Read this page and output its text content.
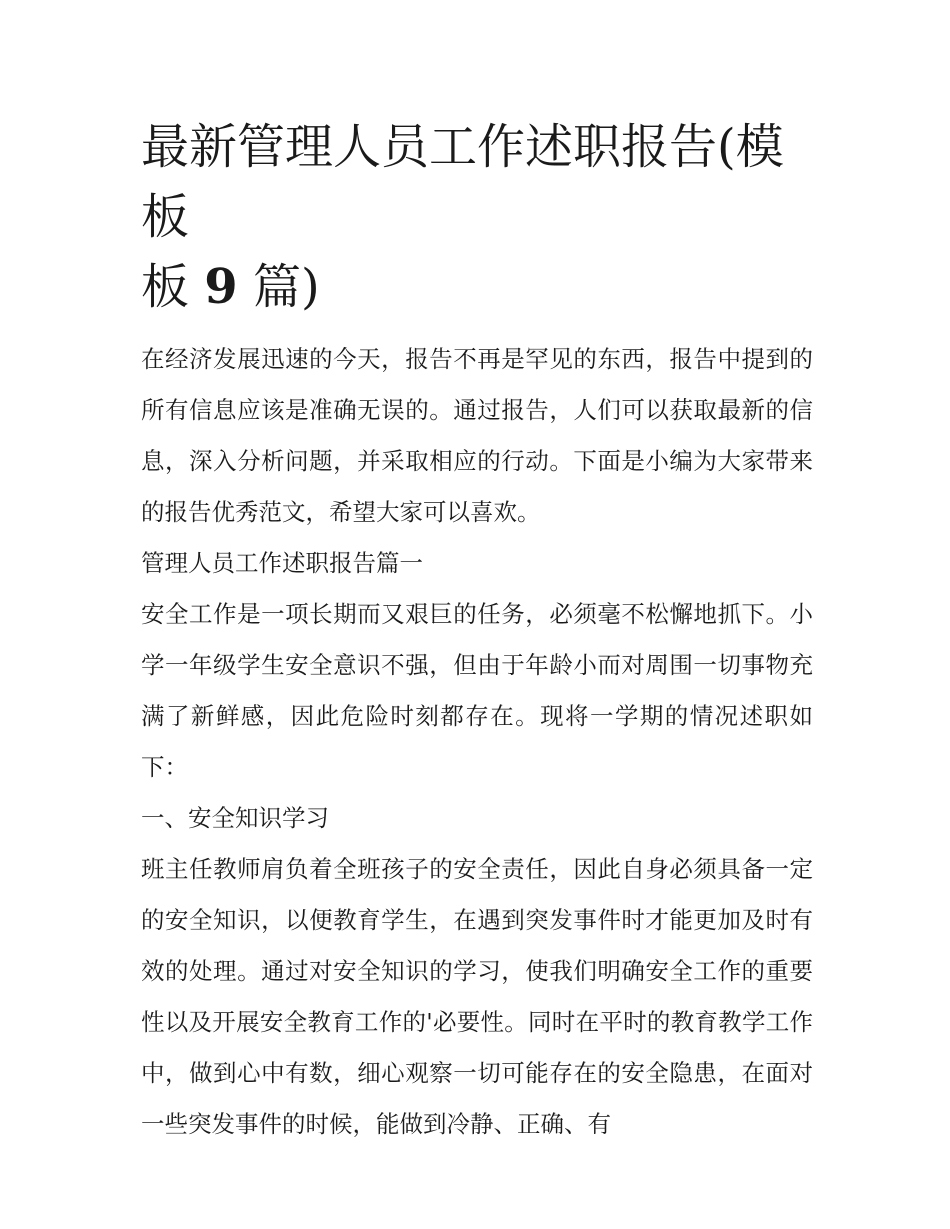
最新管理人员工作述职报告(模板
板 9 篇)

在经济发展迅速的今天，报告不再是罕见的东西，报告中提到的所有信息应该是准确无误的。通过报告，人们可以获取最新的信息，深入分析问题，并采取相应的行动。下面是小编为大家带来的报告优秀范文，希望大家可以喜欢。

管理人员工作述职报告篇一

安全工作是一项长期而又艰巨的任务，必须毫不松懈地抓下。小学一年级学生安全意识不强，但由于年龄小而对周围一切事物充满了新鲜感，因此危险时刻都存在。现将一学期的情况述职如下：

一、安全知识学习

班主任教师肩负着全班孩子的安全责任，因此自身必须具备一定的安全知识，以便教育学生，在遇到突发事件时才能更加及时有效的处理。通过对安全知识的学习，使我们明确安全工作的重要性以及开展安全教育工作的'必要性。同时在平时的教育教学工作中，做到心中有数，细心观察一切可能存在的安全隐患，在面对一些突发事件的时候，能做到冷静、正确、有
